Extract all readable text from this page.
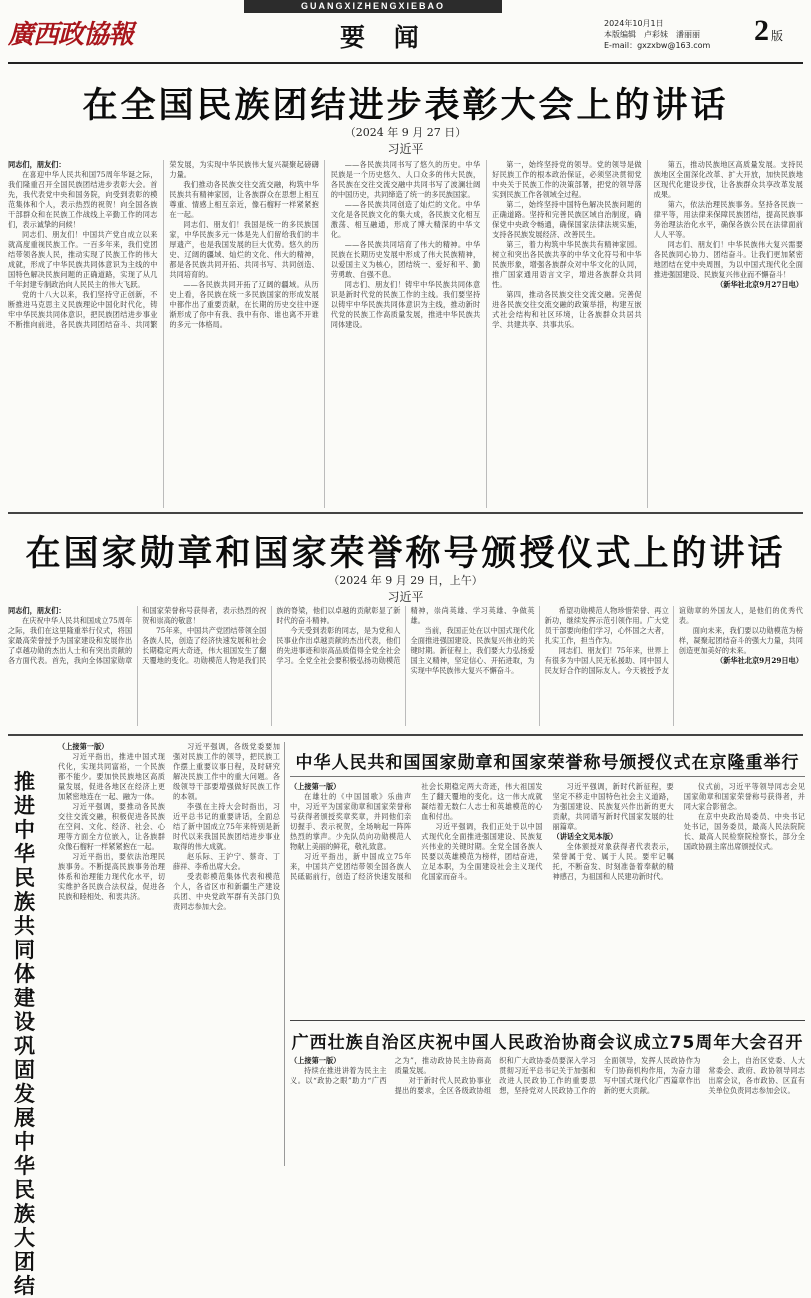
GUANGXIZHENGXIEBAO
廣西政協報	要 闻	2024年10月1日
本版编辑　卢彩妹　潘丽丽
E-mail：gxzxbw@163.com 2 版
在全国民族团结进步表彰大会上的讲话
（2024 年 9 月 27 日）
习近平

同志们，朋友们：

在喜迎中华人民共和国75周年华诞之际，我们隆重召开全国民族团结进步表彰大会。首先，我代表党中央和国务院，向受到表彰的模范集体和个人，表示热烈的祝贺！向全国各族干部群众和在民族工作战线上辛勤工作的同志们，表示诚挚的问候！

同志们、朋友们！中国共产党自成立以来就高度重视民族工作。一百多年来，我们党团结带领各族人民，推动实现了民族工作的伟大成就，形成了中华民族共同体意识为主线的中国特色解决民族问题的正确道路，实现了从几千年封建专制政治向人民民主的伟大飞跃。

党的十八大以来，我们坚持守正创新，不断推进马克思主义民族理论中国化时代化，铸牢中华民族共同体意识，把民族团结进步事业不断推向前进，各民族共同团结奋斗、共同繁荣发展，为实现中华民族伟大复兴凝聚起磅礴力量。

我们推动各民族交往交流交融，构筑中华民族共有精神家园，让各族群众在思想上相互尊重、情感上相互亲近，像石榴籽一样紧紧抱在一起。

同志们、朋友们！我国是统一的多民族国家，中华民族多元一体是先人们留给我们的丰厚遗产，也是我国发展的巨大优势。悠久的历史、辽阔的疆域、灿烂的文化、伟大的精神，都是各民族共同开拓、共同书写、共同创造、共同培育的。

——各民族共同开拓了辽阔的疆域。从历史上看，各民族在统一多民族国家的形成发展中都作出了重要贡献，在长期的历史交往中逐渐形成了你中有我、我中有你、谁也离不开谁的多元一体格局。

——各民族共同书写了悠久的历史。中华民族是一个历史悠久、人口众多的伟大民族，各民族在交往交流交融中共同书写了波澜壮阔的中国历史，共同缔造了统一的多民族国家。

——各民族共同创造了灿烂的文化。中华文化是各民族文化的集大成，各民族文化相互激荡、相互融通，形成了博大精深的中华文化。

——各民族共同培育了伟大的精神。中华民族在长期历史发展中形成了伟大民族精神，以爱国主义为核心，团结统一、爱好和平、勤劳勇敢、自强不息。

同志们、朋友们！铸牢中华民族共同体意识是新时代党的民族工作的主线。我们要坚持以铸牢中华民族共同体意识为主线，推动新时代党的民族工作高质量发展，推进中华民族共同体建设。

第一，始终坚持党的领导。党的领导是做好民族工作的根本政治保证，必须坚决贯彻党中央关于民族工作的决策部署，把党的领导落实到民族工作各领域全过程。

第二，始终坚持中国特色解决民族问题的正确道路。坚持和完善民族区域自治制度，确保党中央政令畅通，确保国家法律法规实施，支持各民族发展经济、改善民生。

第三，着力构筑中华民族共有精神家园。树立和突出各民族共享的中华文化符号和中华民族形象，增强各族群众对中华文化的认同，推广国家通用语言文字，增进各族群众共同性。

第四，推动各民族交往交流交融。完善促进各民族交往交流交融的政策举措，构建互嵌式社会结构和社区环境，让各族群众共居共学、共建共享、共事共乐。

第五，推动民族地区高质量发展。支持民族地区全面深化改革、扩大开放，加快民族地区现代化建设步伐，让各族群众共享改革发展成果。

第六，依法治理民族事务。坚持各民族一律平等，用法律来保障民族团结，提高民族事务治理法治化水平，确保各族公民在法律面前人人平等。

同志们、朋友们！中华民族伟大复兴需要各民族同心协力、团结奋斗。让我们更加紧密地团结在党中央周围，为以中国式现代化全面推进强国建设、民族复兴伟业而不懈奋斗！

（新华社北京9月27日电）

在国家勋章和国家荣誉称号颁授仪式上的讲话
（2024 年 9 月 29 日，上午）
习近平

同志们，朋友们：

在庆祝中华人民共和国成立75周年之际，我们在这里隆重举行仪式，将国家最高荣誉授予为国家建设和发展作出了卓越功勋的杰出人士和有突出贡献的各方面代表。首先，我向全体国家勋章和国家荣誉称号获得者，表示热烈的祝贺和崇高的敬意！

75年来，中国共产党团结带领全国各族人民，创造了经济快速发展和社会长期稳定两大奇迹，伟大祖国发生了翻天覆地的变化。功勋模范人物是我们民族的脊梁，他们以卓越的贡献彰显了新时代的奋斗精神。

今天受到表彰的同志，是为党和人民事业作出卓越贡献的杰出代表，他们的先进事迹和崇高品质值得全党全社会学习。全党全社会要积极弘扬功勋模范精神，崇尚英雄、学习英雄、争做英雄。

当前，我国正处在以中国式现代化全面推进强国建设、民族复兴伟业的关键时期。新征程上，我们要大力弘扬爱国主义精神，坚定信心、开拓进取，为实现中华民族伟大复兴不懈奋斗。

希望功勋模范人物珍惜荣誉、再立新功，继续发挥示范引领作用。广大党员干部要向他们学习，心怀国之大者，扎实工作，担当作为。

同志们、朋友们！75年来，世界上有很多为中国人民无私援助、同中国人民友好合作的国际友人。今天被授予友谊勋章的外国友人，是他们的优秀代表。

面向未来，我们要以功勋模范为榜样，凝聚起团结奋斗的强大力量，共同创造更加美好的未来。

（新华社北京9月29日电）

推进中华民族共同体建设　巩固发展中华民族大团结

（上接第一版）

习近平指出，推进中国式现代化，实现共同富裕，一个民族都不能少。要加快民族地区高质量发展，促进各地区在经济上更加紧密地连在一起、融为一体。

习近平强调，要推动各民族交往交流交融，积极促进各民族在空间、文化、经济、社会、心理等方面全方位嵌入，让各族群众像石榴籽一样紧紧抱在一起。

习近平指出，要依法治理民族事务。不断提高民族事务治理体系和治理能力现代化水平，切实维护各民族合法权益，促进各民族和睦相处、和衷共济。

习近平强调，各级党委要加强对民族工作的领导，把民族工作摆上重要议事日程，及时研究解决民族工作中的重大问题。各级领导干部要增强做好民族工作的本领。

李强在主持大会时指出，习近平总书记的重要讲话，全面总结了新中国成立75年来特别是新时代以来我国民族团结进步事业取得的伟大成就。

赵乐际、王沪宁、蔡奇、丁薛祥、李希出席大会。

受表彰模范集体代表和模范个人，各省区市和新疆生产建设兵团、中央党政军群有关部门负责同志参加大会。

中华人民共和国国家勋章和国家荣誉称号颁授仪式在京隆重举行

（上接第一版）

在雄壮的《中国国歌》乐曲声中，习近平为国家勋章和国家荣誉称号获得者颁授奖章奖章，并同他们亲切握手、表示祝贺，全场响起一阵阵热烈的掌声。少先队员向功勋模范人物献上美丽的鲜花，敬礼致意。

习近平指出，新中国成立75年来，中国共产党团结带领全国各族人民砥砺前行，创造了经济快速发展和社会长期稳定两大奇迹，伟大祖国发生了翻天覆地的变化。这一伟大成就凝结着无数仁人志士和英雄模范的心血和付出。

习近平强调，我们正处于以中国式现代化全面推进强国建设、民族复兴伟业的关键时期。全党全国各族人民要以英雄模范为榜样，团结奋进，立足本职，为全面建设社会主义现代化国家而奋斗。

习近平强调，新时代新征程，要坚定不移走中国特色社会主义道路，为强国建设、民族复兴作出新的更大贡献，共同谱写新时代国家发展的壮丽篇章。

（讲话全文见本版）

全体颁授对象获得者代表表示，荣誉属于党、属于人民。要牢记嘱托，不断奋发、时刻准备着奉献的精神感召，为祖国和人民建功新时代。

仪式前，习近平等领导同志会见国家勋章和国家荣誉称号获得者，并同大家合影留念。

在京中央政治局委员、中央书记处书记，国务委员，最高人民法院院长、最高人民检察院检察长，部分全国政协副主席出席颁授仪式。

广西壮族自治区庆祝中国人民政治协商会议成立75周年大会召开

（上接第一版）

持续在推进讲着为民主主义。以“政协之眼”助力“广西之为”，推动政协民主协商高质量发展。

对于新时代人民政协事业提出的要求，全区各级政协组织和广大政协委员要深入学习贯彻习近平总书记关于加强和改进人民政协工作的重要思想，坚持党对人民政协工作的全面领导，发挥人民政协作为专门协商机构作用，为奋力谱写中国式现代化广西篇章作出新的更大贡献。

会上，自治区党委、人大常委会、政府、政协领导同志出席会议，各市政协、区直有关单位负责同志参加会议。
